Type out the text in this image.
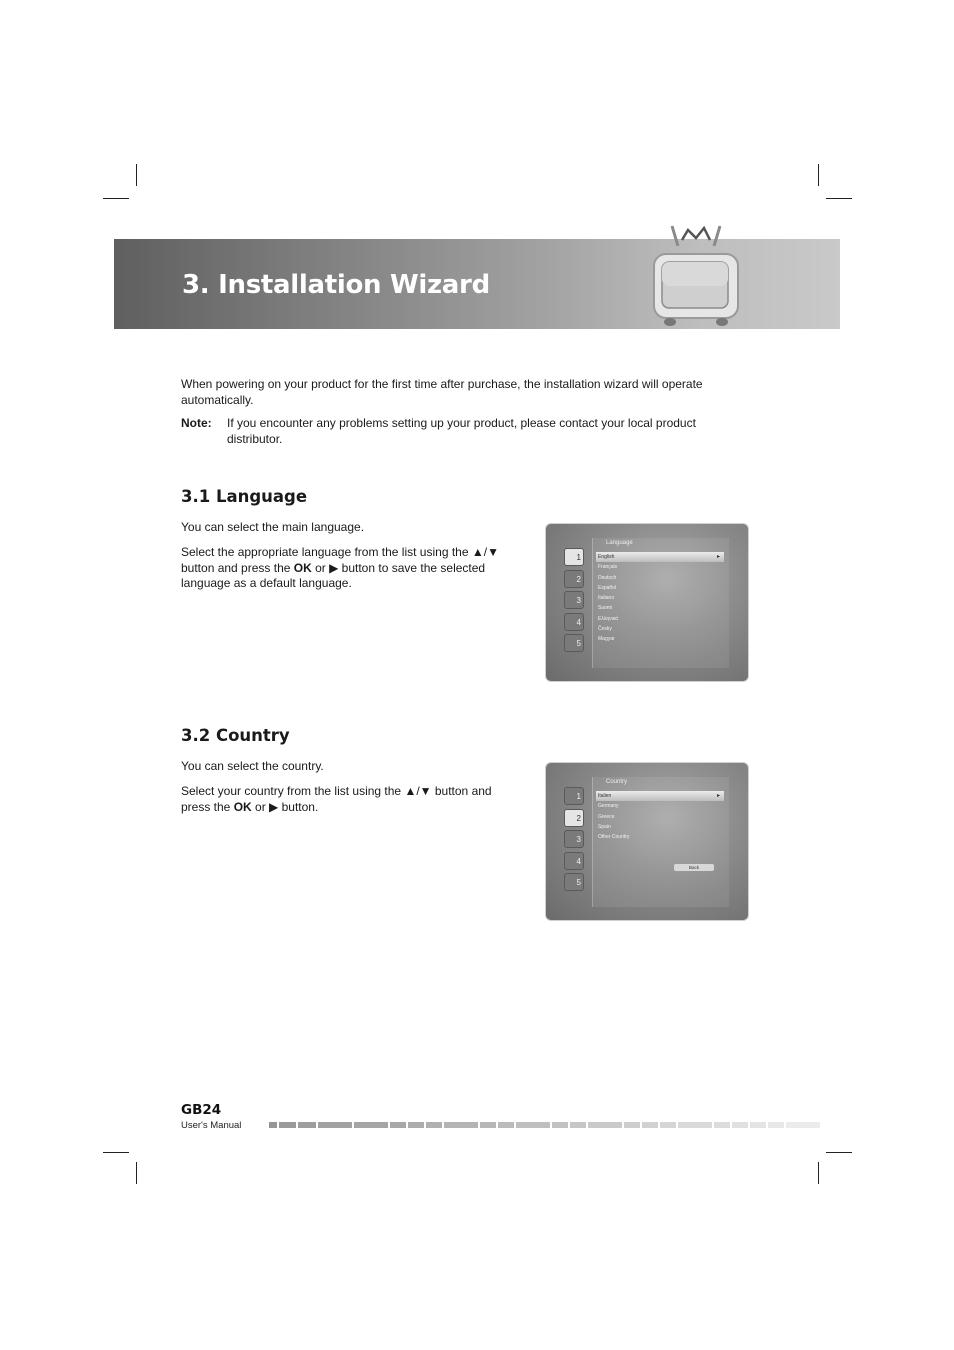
3. Installation Wizard
When powering on your product for the first time after purchase, the installation wizard will operate automatically.
Note: If you encounter any problems setting up your product, please contact your local product distributor.
3.1 Language
You can select the main language.
Select the appropriate language from the list using the ▲/▼ button and press the OK or ▶ button to save the selected language as a default language.
Language
1
2
3
4
5
English ▸
Français
Deutsch
Español
Italiano
Suomi
Ελληνικά
Česky
Magyar
3.2 Country
You can select the country.
Select your country from the list using the ▲/▼ button and press the OK or ▶ button.
Country
1
2
3
4
5
Italien ▸
Germany
Greece
Spain
Other Country
Back
GB24
User's Manual
